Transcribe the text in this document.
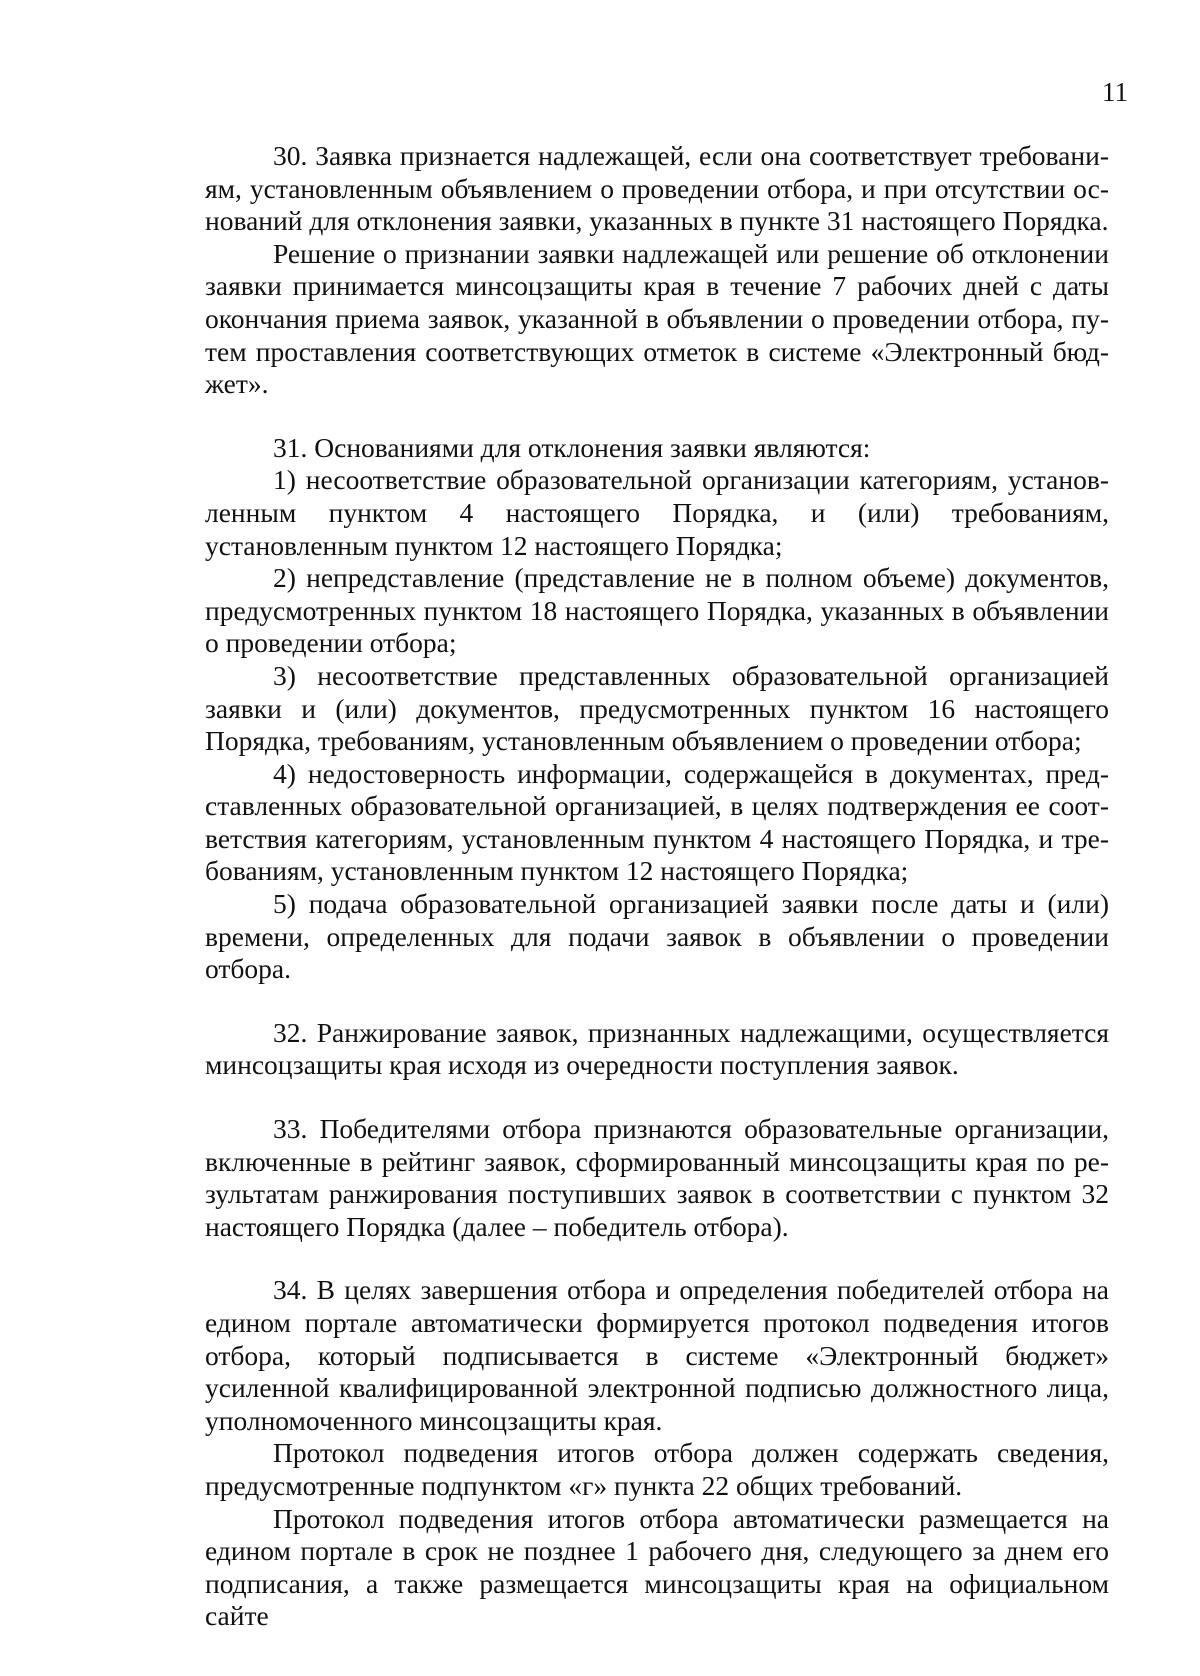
11

30. Заявка признается надлежащей, если она соответствует требованиям, установленным объявлением о проведении отбора, и при отсутствии оснований для отклонения заявки, указанных в пункте 31 настоящего Порядка.

Решение о признании заявки надлежащей или решение об отклонении заявки принимается минсоцзащиты края в течение 7 рабочих дней с даты окончания приема заявок, указанной в объявлении о проведении отбора, путем проставления соответствующих отметок в системе «Электронный бюджет».

31. Основаниями для отклонения заявки являются:

1) несоответствие образовательной организации категориям, установленным пунктом 4 настоящего Порядка, и (или) требованиям, установленным пунктом 12 настоящего Порядка;

2) непредставление (представление не в полном объеме) документов, предусмотренных пунктом 18 настоящего Порядка, указанных в объявлении о проведении отбора;

3) несоответствие представленных образовательной организацией заявки и (или) документов, предусмотренных пунктом 16 настоящего Порядка, требованиям, установленным объявлением о проведении отбора;

4) недостоверность информации, содержащейся в документах, представленных образовательной организацией, в целях подтверждения ее соответствия категориям, установленным пунктом 4 настоящего Порядка, и требованиям, установленным пунктом 12 настоящего Порядка;

5) подача образовательной организацией заявки после даты и (или) времени, определенных для подачи заявок в объявлении о проведении отбора.

32. Ранжирование заявок, признанных надлежащими, осуществляется минсоцзащиты края исходя из очередности поступления заявок.

33. Победителями отбора признаются образовательные организации, включенные в рейтинг заявок, сформированный минсоцзащиты края по результатам ранжирования поступивших заявок в соответствии с пунктом 32 настоящего Порядка (далее – победитель отбора).

34. В целях завершения отбора и определения победителей отбора на едином портале автоматически формируется протокол подведения итогов отбора, который подписывается в системе «Электронный бюджет» усиленной квалифицированной электронной подписью должностного лица, уполномоченного минсоцзащиты края.

Протокол подведения итогов отбора должен содержать сведения, предусмотренные подпунктом «г» пункта 22 общих требований.

Протокол подведения итогов отбора автоматически размещается на едином портале в срок не позднее 1 рабочего дня, следующего за днем его подписания, а также размещается минсоцзащиты края на официальном сайте
